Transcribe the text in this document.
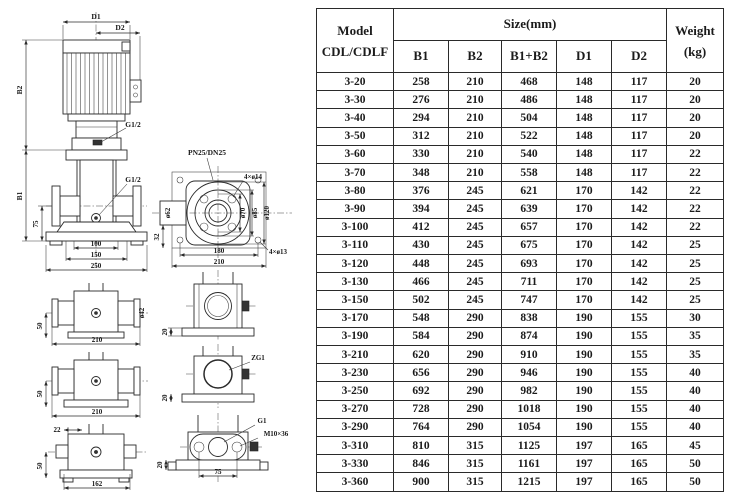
D1
D2
G1/2
G1/2
75
B2
B1
100
150
250
PN25/DN25
ø62
4×ø14
ø70 ø85 ø120
32
180
210
4×ø13
ø42
50
210
50
210
22
50
162
20
ZG1
20
G1
M10×36
20
75
Model
CDL/CDLF
	Size(mm)	Weight
(kg)

	B1	B2	B1+B2	D1	D2	
3-20	258	210	468	148	117	20
3-30	276	210	486	148	117	20
3-40	294	210	504	148	117	20
3-50	312	210	522	148	117	20
3-60	330	210	540	148	117	22
3-70	348	210	558	148	117	22
3-80	376	245	621	170	142	22
3-90	394	245	639	170	142	22
3-100	412	245	657	170	142	22
3-110	430	245	675	170	142	25
3-120	448	245	693	170	142	25
3-130	466	245	711	170	142	25
3-150	502	245	747	170	142	25
3-170	548	290	838	190	155	30
3-190	584	290	874	190	155	35
3-210	620	290	910	190	155	35
3-230	656	290	946	190	155	40
3-250	692	290	982	190	155	40
3-270	728	290	1018	190	155	40
3-290	764	290	1054	190	155	40
3-310	810	315	1125	197	165	45
3-330	846	315	1161	197	165	50
3-360	900	315	1215	197	165	50
